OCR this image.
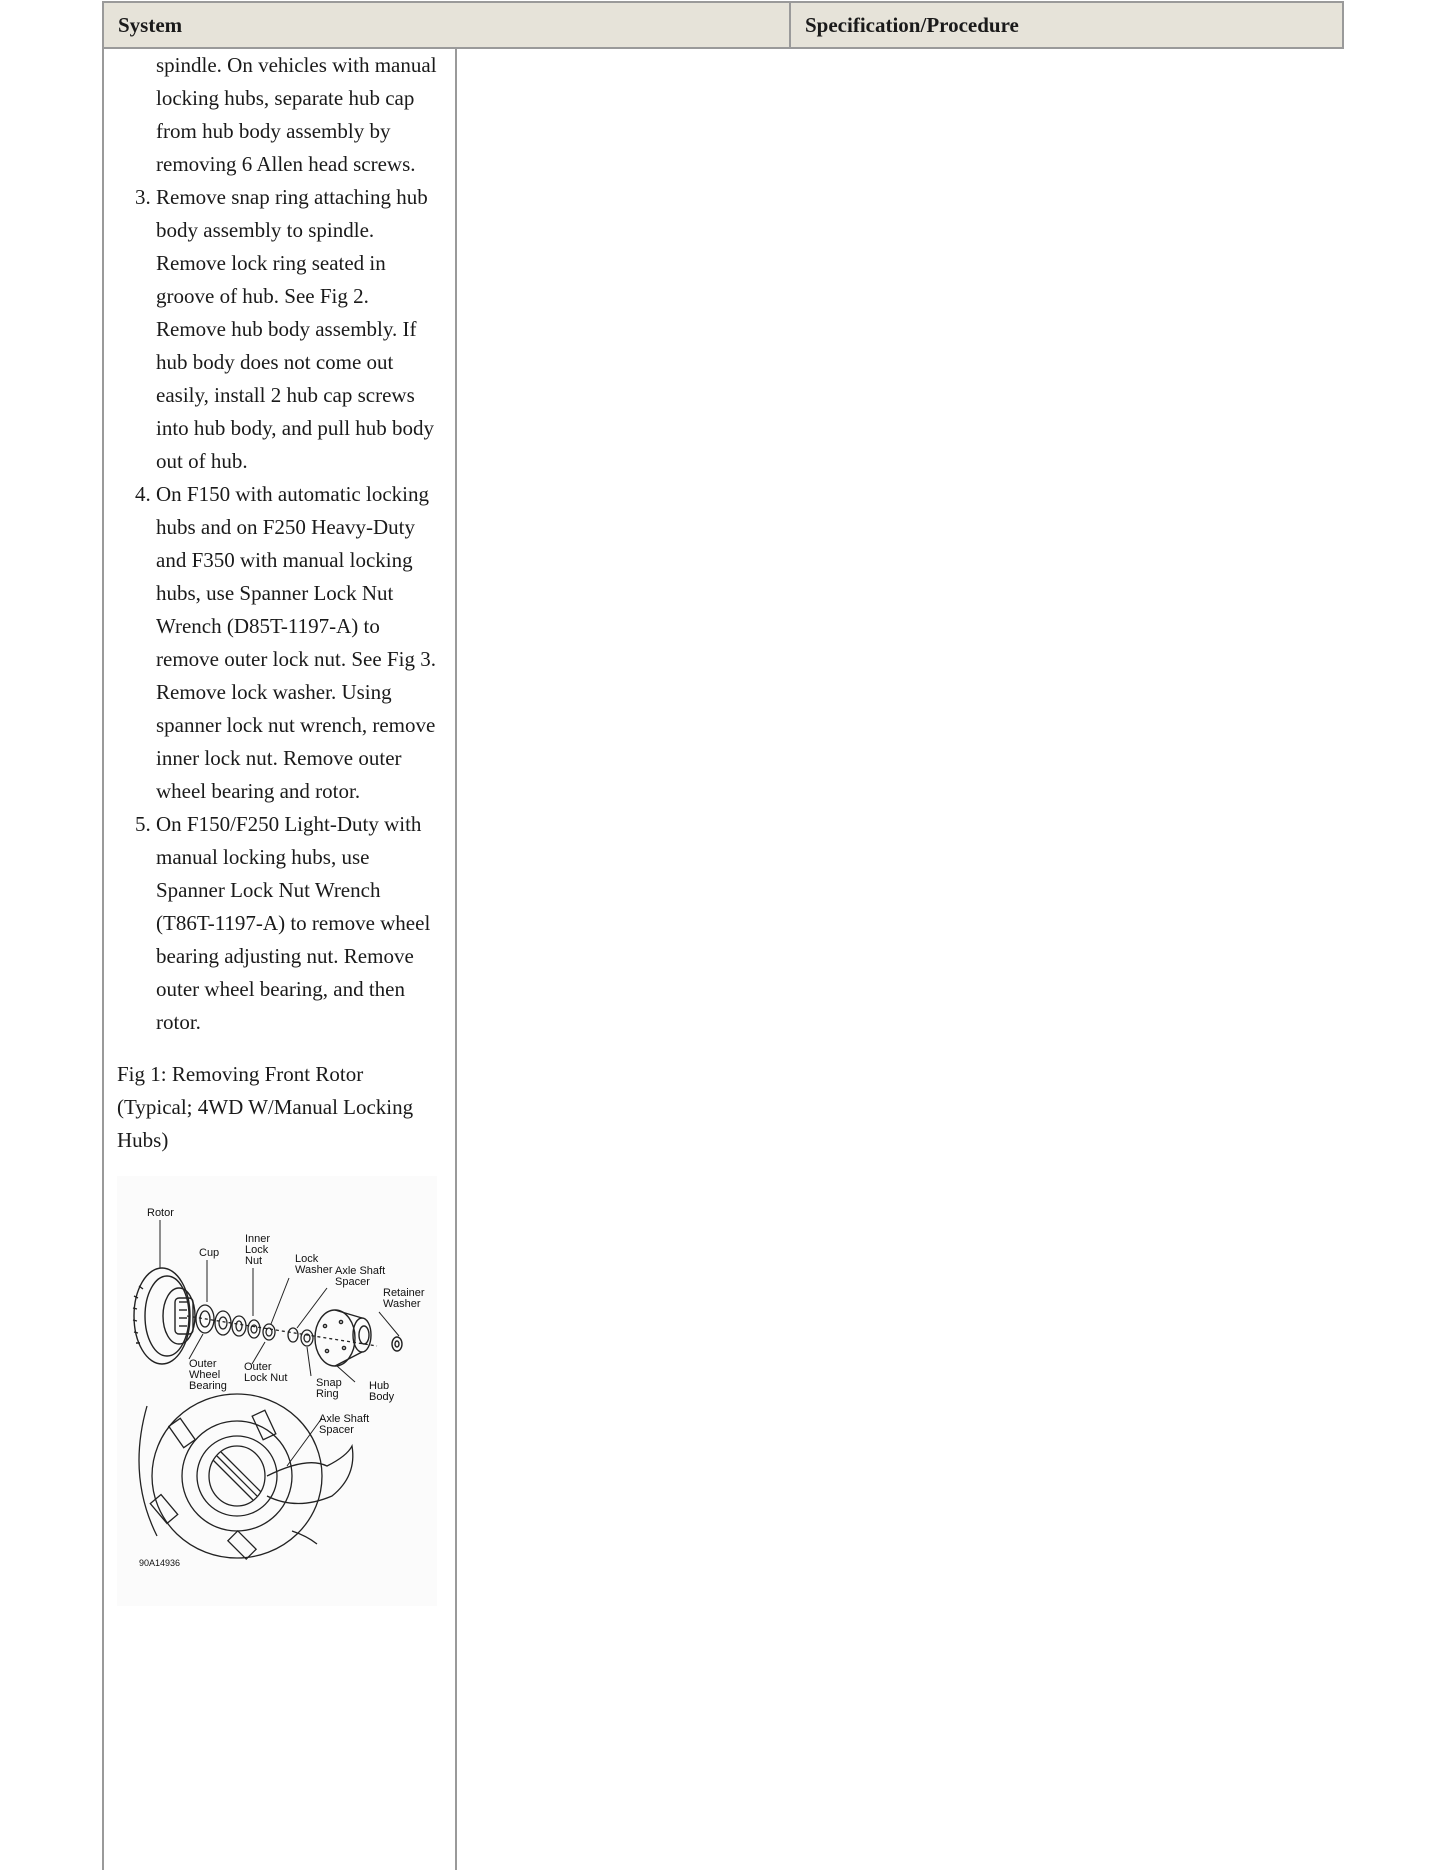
System	Specification/Procedure

spindle. On vehicles with manual locking hubs, separate hub cap from hub body assembly by removing 6 Allen head screws.

3. Remove snap ring attaching hub body assembly to spindle. Remove lock ring seated in groove of hub. See Fig 2. Remove hub body assembly. If hub body does not come out easily, install 2 hub cap screws into hub body, and pull hub body out of hub.
4. On F150 with automatic locking hubs and on F250 Heavy-Duty and F350 with manual locking hubs, use Spanner Lock Nut Wrench (D85T-1197-A) to remove outer lock nut. See Fig 3. Remove lock washer. Using spanner lock nut wrench, remove inner lock nut. Remove outer wheel bearing and rotor.
5. On F150/F250 Light-Duty with manual locking hubs, use Spanner Lock Nut Wrench (T86T-1197-A) to remove wheel bearing adjusting nut. Remove outer wheel bearing, and then rotor.

Fig 1: Removing Front Rotor (Typical; 4WD W/Manual Locking Hubs)

Rotor
Cup
Inner
Lock
Nut	Lock
Washer Axle Shaft
Spacer
Retainer
Washer
Outer
Wheel
Bearing
Outer
Lock Nut	Snap
Ring
Hub
Body
Axle Shaft
Spacer
90A14936
